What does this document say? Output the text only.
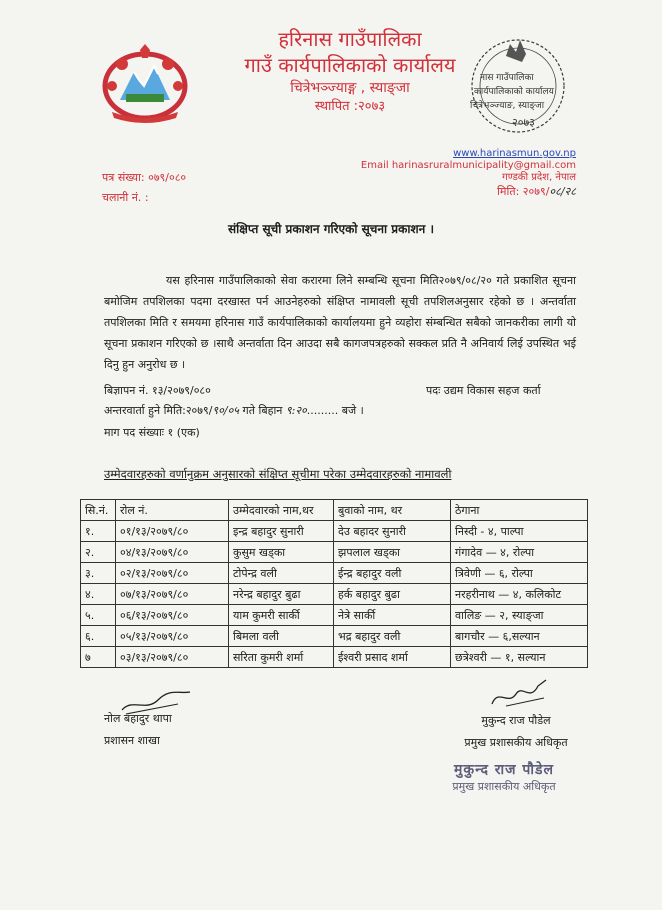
हरिनास गाउँपालिका
गाउँ कार्यपालिकाको कार्यालय
चित्रेभञ्ज्याङ्ग , स्याङ्जा
स्थापित :२०७३
नास गाउँपालिका
कार्यपालिकाको कार्यालय
चित्रेभञ्ज्याङ, स्याङ्जा
२०७३
पत्र संख्या: ०७९/०८०
चलानी नं. :
www.harinasmun.gov.np
Email harinasruralmunicipality@gmail.com
गण्डकी प्रदेश, नेपाल
मिति: २०७९/०८/२८
संक्षिप्त सूची प्रकाशन गरिएको सूचना प्रकाशन ।

यस हरिनास गाउँपालिकाको सेवा करारमा लिने सम्बन्धि सूचना मिति२०७९/०८/२० गते प्रकाशित सूचना बमोजिम तपशिलका पदमा दरखास्त पर्न आउनेहरुको संक्षिप्त नामावली सूची तपशिलअनुसार रहेको छ । अन्तर्वाता तपशिलका मिति र समयमा हरिनास गाउँ कार्यपालिकाको कार्यालयमा हुने व्यहोरा संम्बन्धित सबैको जानकरीका लागी यो सूचना प्रकाशन गरिएको छ ।साथै अन्तर्वाता दिन आउदा सबै कागजपत्रहरुको सक्कल प्रति नै अनिवार्य लिई उपस्थित भई दिनु हुन अनुरोध छ ।

बिज्ञापन नं. १३/२०७९/०८०	पदः उद्यम विकास सहज कर्ता
अन्तरवार्ता हुने मिति:२०७९/९०/०५ गते बिहान ९:२०......... बजे ।
माग पद संख्याः १ (एक)
उम्मेदवारहरुको वर्णानुक्रम अनुसारको संक्षिप्त सूचीमा परेका उम्मेदवारहरुको नामावली
सि.नं.	रोल नं.	उम्मेदवारको नाम,थर	बुवाको नाम, थर	ठेगाना
१.	०१/१३/२०७९/८०	इन्द्र बहादुर सुनारी	देउ बहादर सुनारी	निस्दी - ४, पाल्पा
२.	०४/१३/२०७९/८०	कुसुम खड्का	झपलाल खड्का	गंगादेव — ४, रोल्पा
३.	०२/१३/२०७९/८०	टोपेन्द्र वली	ईन्द्र बहादुर वली	त्रिवेणी — ६, रोल्पा
४.	०७/१३/२०७९/८०	नरेन्द्र बहादुर बुढा	हर्क बहादुर बुढा	नरहरीनाथ — ४, कलिकोट
५.	०६/१३/२०७९/८०	याम कुमरी सार्की	नेत्रे सार्की	वालिङ — २, स्याङ्जा
६.	०५/१३/२०७९/८०	बिमला वली	भद्र बहादुर वली	बागचौर — ६,सल्यान
७	०३/१३/२०७९/८०	सरिता कुमरी शर्मा	ईश्वरी प्रसाद शर्मा	छत्रेश्वरी — १, सल्यान
नोल बहादुर थापा
प्रशासन शाखा
मुकुन्द राज पौडेल
प्रमुख प्रशासकीय अधिकृत
मुकुन्द राज पौडेल
प्रमुख प्रशासकीय अधिकृत
